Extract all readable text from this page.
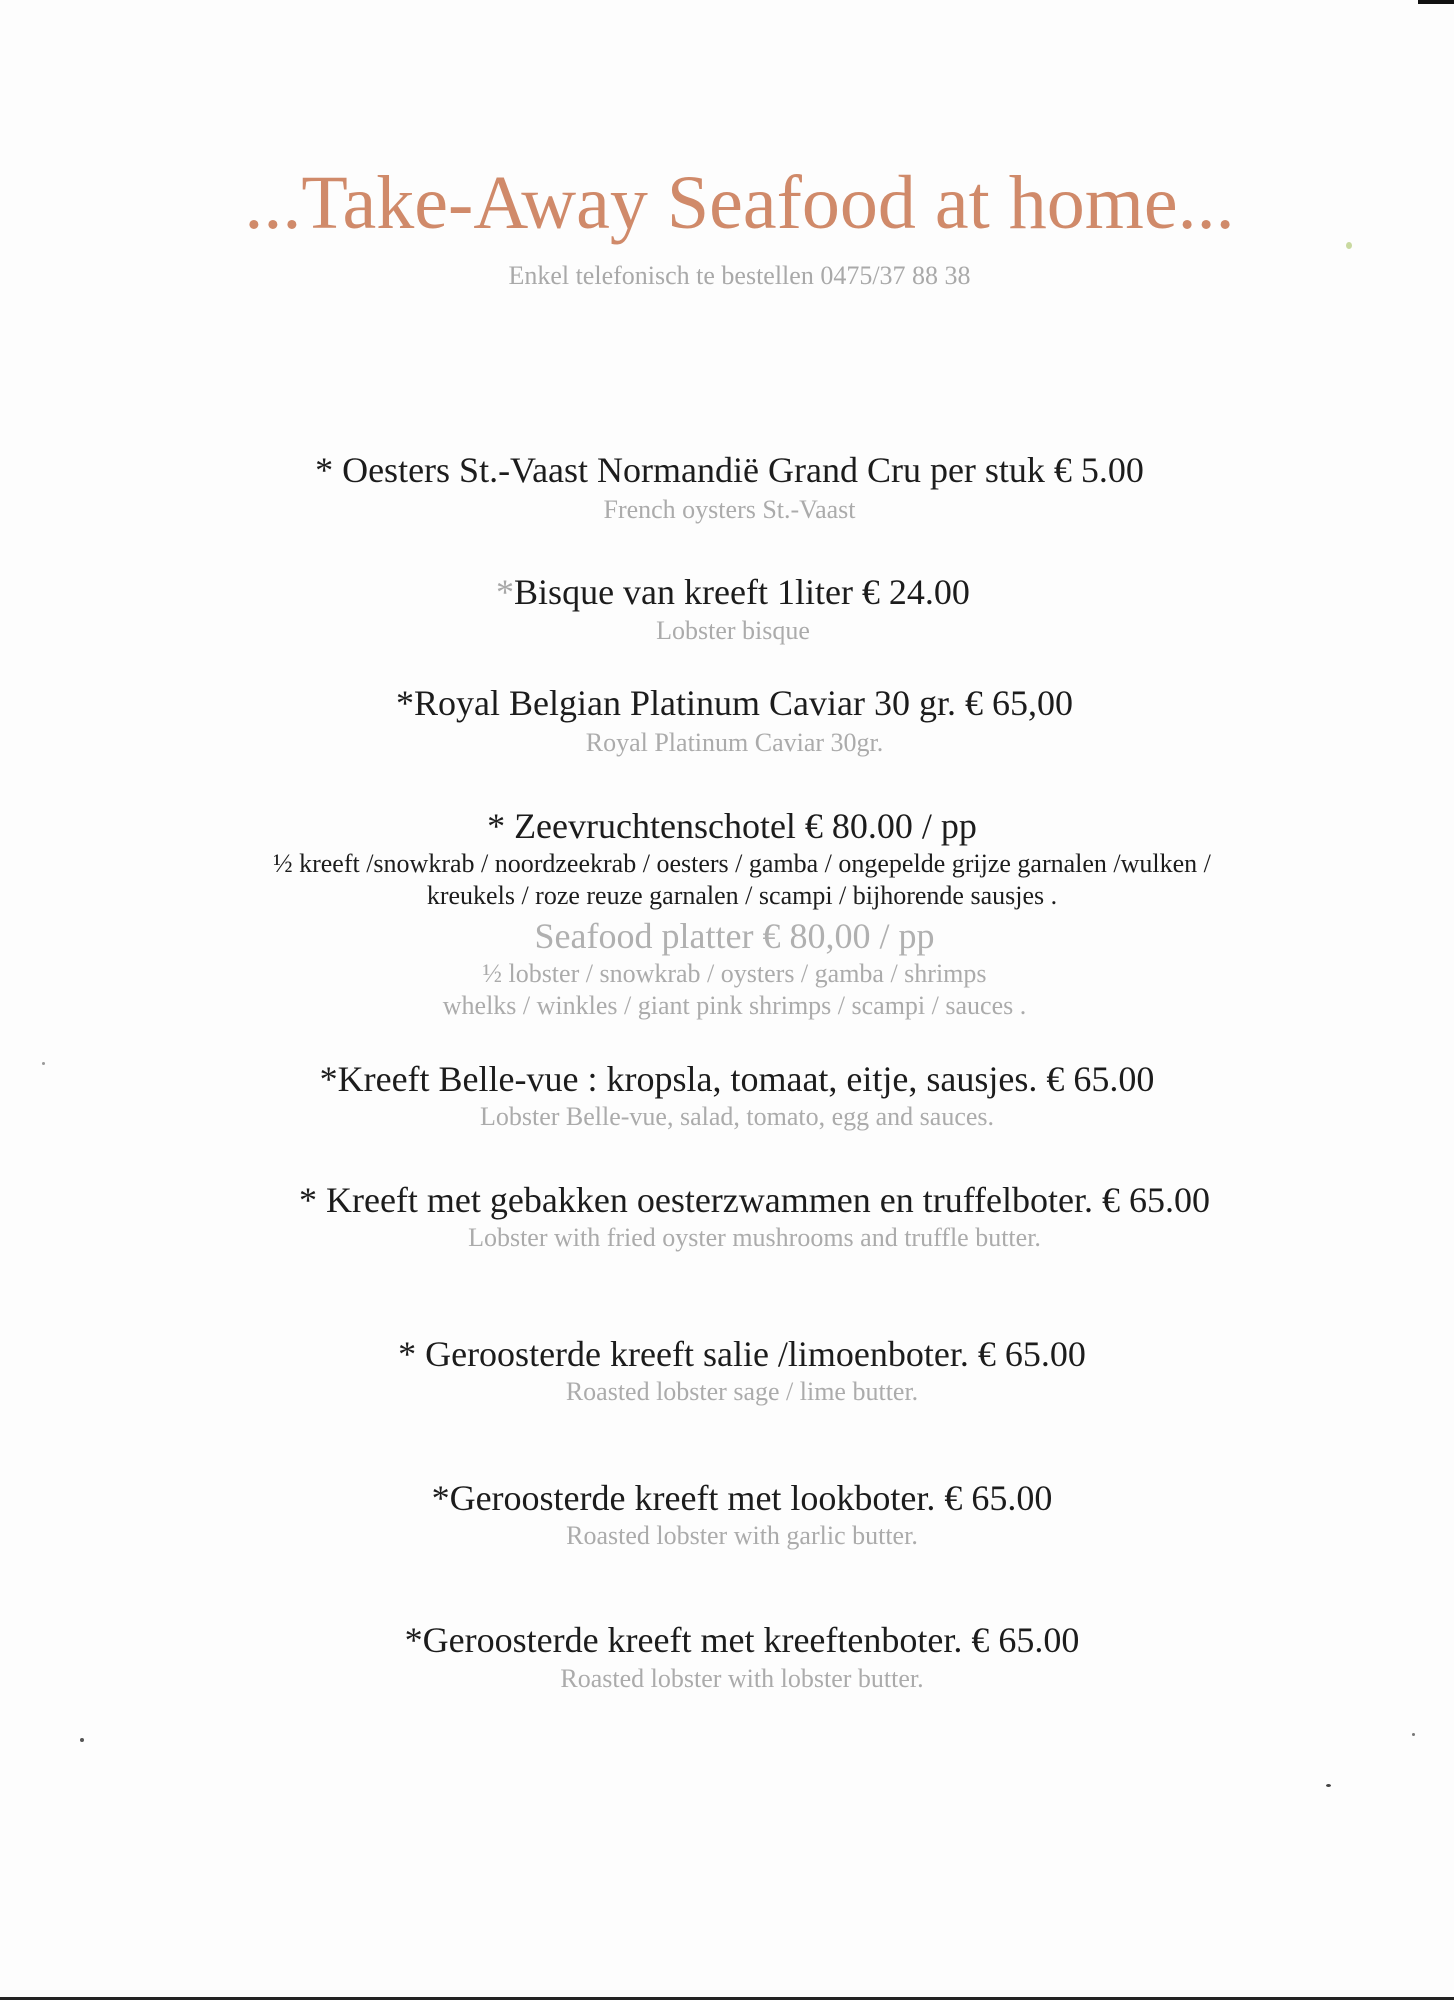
...Take-Away Seafood at home...
Enkel telefonisch te bestellen 0475/37 88 38
* Oesters St.-Vaast Normandië Grand Cru per stuk € 5.00
French oysters St.-Vaast
*Bisque van kreeft 1liter € 24.00
Lobster bisque
*Royal Belgian Platinum Caviar 30 gr. € 65,00
Royal Platinum Caviar 30gr.
* Zeevruchtenschotel € 80.00 / pp
½ kreeft /snowkrab / noordzeekrab / oesters / gamba / ongepelde grijze garnalen /wulken /
kreukels / roze reuze garnalen / scampi / bijhorende sausjes .
Seafood platter € 80,00 / pp
½ lobster / snowkrab / oysters / gamba / shrimps
whelks / winkles / giant pink shrimps / scampi / sauces .
*Kreeft Belle-vue : kropsla, tomaat, eitje, sausjes. € 65.00
Lobster Belle-vue, salad, tomato, egg and sauces.
* Kreeft met gebakken oesterzwammen en truffelboter. € 65.00
Lobster with fried oyster mushrooms and truffle butter.
* Geroosterde kreeft salie /limoenboter. € 65.00
Roasted lobster sage / lime butter.
*Geroosterde kreeft met lookboter. € 65.00
Roasted lobster with garlic butter.
*Geroosterde kreeft met kreeftenboter. € 65.00
Roasted lobster with lobster butter.
